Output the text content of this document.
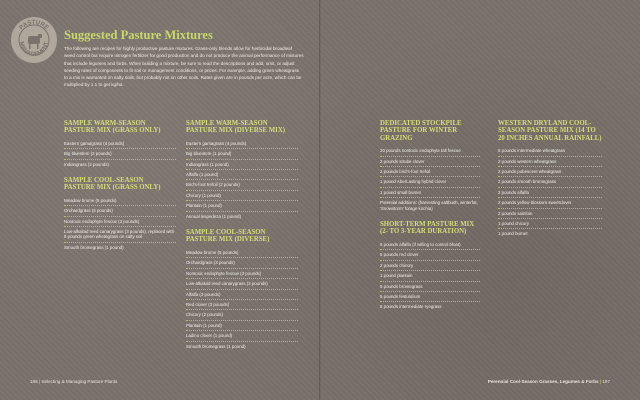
PASTURE
MANAGEMENT
Suggested Pasture Mixtures
The following are recipes for highly productive pasture mixtures. Grass-only blends allow for herbicidal broadleaf weed control but require nitrogen fertilizer for good production and do not produce the animal performance of mixtures that include legumes and forbs. When building a mixture, be sure to read the descriptions and add, omit, or adjust seeding rates of components to fit soil or management conditions, or prices. For example, adding green wheatgrass to a mix is warranted on salty soils, but probably not on other soils. Rates given are in pounds per acre, which can be multiplied by 1.1 to get kg/ha.
SAMPLE WARM-SEASON PASTURE MIX (GRASS ONLY)
Eastern gamagrass (4 pounds)
Big bluestem (2 pounds)
Indiangrass (2 pounds)
SAMPLE COOL-SEASON PASTURE MIX (GRASS ONLY)
Meadow brome (5 pounds)
Orchardgrass (5 pounds)
Nontoxic endophyte fescue (3 pounds)
Low-alkaloid reed canarygrass (3 pounds), replaced with 8 pounds green wheatgrass on salty soil
Smooth bromegrass (1 pound)
SAMPLE WARM-SEASON PASTURE MIX (DIVERSE MIX)
Eastern gamagrass (4 pounds)
Big bluestem (1 pound)
Indiangrass (1 pound)
Alfalfa (1 pound)
Bird's-foot trefoil (2 pounds)
Chicory (1 pound)
Plantain (1 pound)
Annual lespedeza (1 pound)
SAMPLE COOL-SEASON PASTURE MIX (DIVERSE)
Meadow brome (5 pounds)
Orchardgrass (3 pounds)
Nontoxic endophyte fescue (3 pounds)
Low-alkaloid reed canarygrass (2 pounds)
Alfalfa (3 pounds)
Red clover (3 pounds)
Chicory (2 pounds)
Plantain (1 pound)
Ladino clover (1 pound)
Smooth bromegrass (1 pound)
DEDICATED STOCKPILE PASTURE FOR WINTER GRAZING
20 pounds nontoxic endophyte tall fescue
2 pounds strube clover
2 pounds bird's-foot trefoil
1 pound AberLasting hybrid clover
1 pound small burnet
Potential additions: (harvesting saltbush, winterfat, 'Snowstorm' forage kochia)
SHORT-TERM PASTURE MIX (2- TO 3-YEAR DURATION)
6 pounds alfalfa (if willing to control bloat)
5 pounds red clover
2 pounds chicory
1 pound plantain
5 pounds bromegrass
5 pounds festulolium
5 pounds intermediate ryegrass
WESTERN DRYLAND COOL-SEASON PASTURE MIX (14 TO 20 INCHES ANNUAL RAINFALL)
6 pounds intermediate wheatgrass
2 pounds western wheatgrass
2 pounds pubescent wheatgrass
2 pounds smooth bromegrass
2 pounds alfalfa
2 pounds yellow blossom sweetclover
2 pounds sainfoin
1 pound chicory
1 pound burnet
186 | Selecting & Managing Pasture Plants	Perennial Cool-Season Grasses, Legumes & Forbs | 187
